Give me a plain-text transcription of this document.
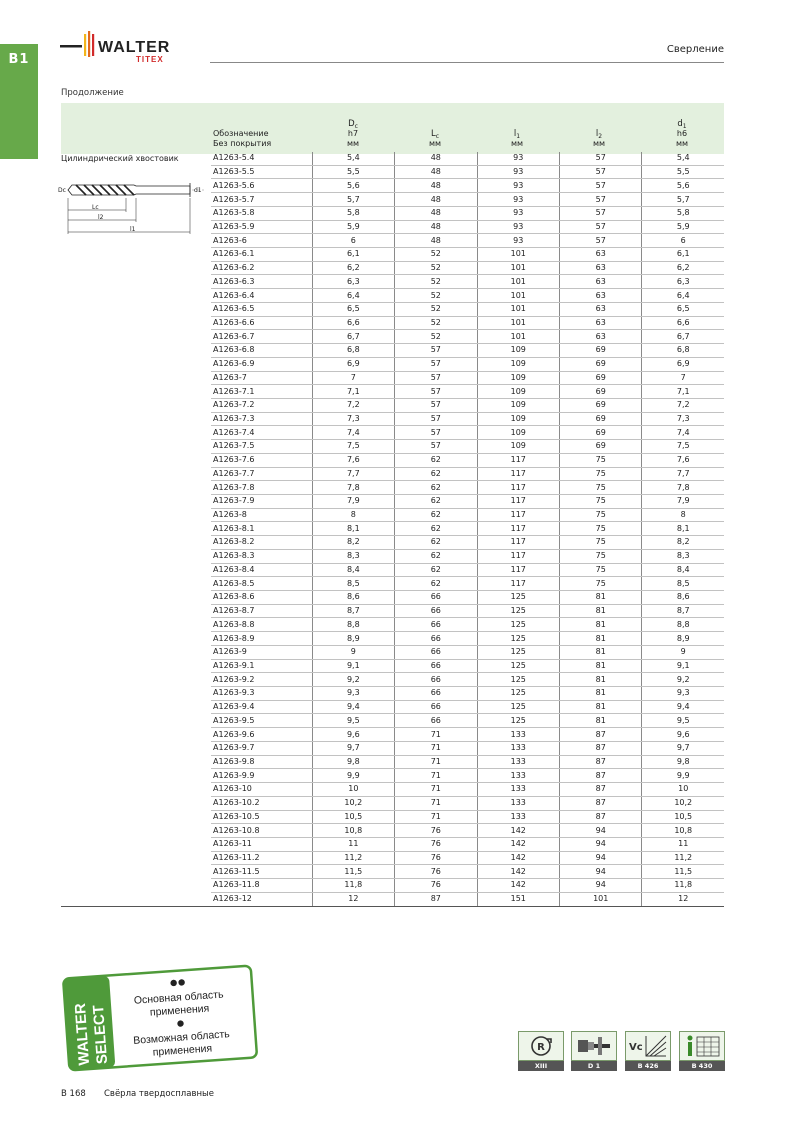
B1
WALTER
TITEX
Сверление
Продолжение
Обозначение
Без покрытия
$D_c$
h7
мм
$L_c$
мм
$l_1$
мм
$l_2$
мм
$d_1$
h6
мм
Цилиндрический хвостовик
Dc	d1
Lc
l2
l1
A1263-5.4	5,4	48	93	57	5,4
A1263-5.5	5,5	48	93	57	5,5
A1263-5.6	5,6	48	93	57	5,6
A1263-5.7	5,7	48	93	57	5,7
A1263-5.8	5,8	48	93	57	5,8
A1263-5.9	5,9	48	93	57	5,9
A1263-6	6	48	93	57	6
A1263-6.1	6,1	52	101	63	6,1
A1263-6.2	6,2	52	101	63	6,2
A1263-6.3	6,3	52	101	63	6,3
A1263-6.4	6,4	52	101	63	6,4
A1263-6.5	6,5	52	101	63	6,5
A1263-6.6	6,6	52	101	63	6,6
A1263-6.7	6,7	52	101	63	6,7
A1263-6.8	6,8	57	109	69	6,8
A1263-6.9	6,9	57	109	69	6,9
A1263-7	7	57	109	69	7
A1263-7.1	7,1	57	109	69	7,1
A1263-7.2	7,2	57	109	69	7,2
A1263-7.3	7,3	57	109	69	7,3
A1263-7.4	7,4	57	109	69	7,4
A1263-7.5	7,5	57	109	69	7,5
A1263-7.6	7,6	62	117	75	7,6
A1263-7.7	7,7	62	117	75	7,7
A1263-7.8	7,8	62	117	75	7,8
A1263-7.9	7,9	62	117	75	7,9
A1263-8	8	62	117	75	8
A1263-8.1	8,1	62	117	75	8,1
A1263-8.2	8,2	62	117	75	8,2
A1263-8.3	8,3	62	117	75	8,3
A1263-8.4	8,4	62	117	75	8,4
A1263-8.5	8,5	62	117	75	8,5
A1263-8.6	8,6	66	125	81	8,6
A1263-8.7	8,7	66	125	81	8,7
A1263-8.8	8,8	66	125	81	8,8
A1263-8.9	8,9	66	125	81	8,9
A1263-9	9	66	125	81	9
A1263-9.1	9,1	66	125	81	9,1
A1263-9.2	9,2	66	125	81	9,2
A1263-9.3	9,3	66	125	81	9,3
A1263-9.4	9,4	66	125	81	9,4
A1263-9.5	9,5	66	125	81	9,5
A1263-9.6	9,6	71	133	87	9,6
A1263-9.7	9,7	71	133	87	9,7
A1263-9.8	9,8	71	133	87	9,8
A1263-9.9	9,9	71	133	87	9,9
A1263-10	10	71	133	87	10
A1263-10.2	10,2	71	133	87	10,2
A1263-10.5	10,5	71	133	87	10,5
A1263-10.8	10,8	76	142	94	10,8
A1263-11	11	76	142	94	11
A1263-11.2	11,2	76	142	94	11,2
A1263-11.5	11,5	76	142	94	11,5
A1263-11.8	11,8	76	142	94	11,8
A1263-12	12	87	151	101	12
WALTER
SELECT
Основная область
применения
Возможная область
применения	R
XIII	D 1
Vc
B 426	B 430
B 168 Свёрла твердосплавные
